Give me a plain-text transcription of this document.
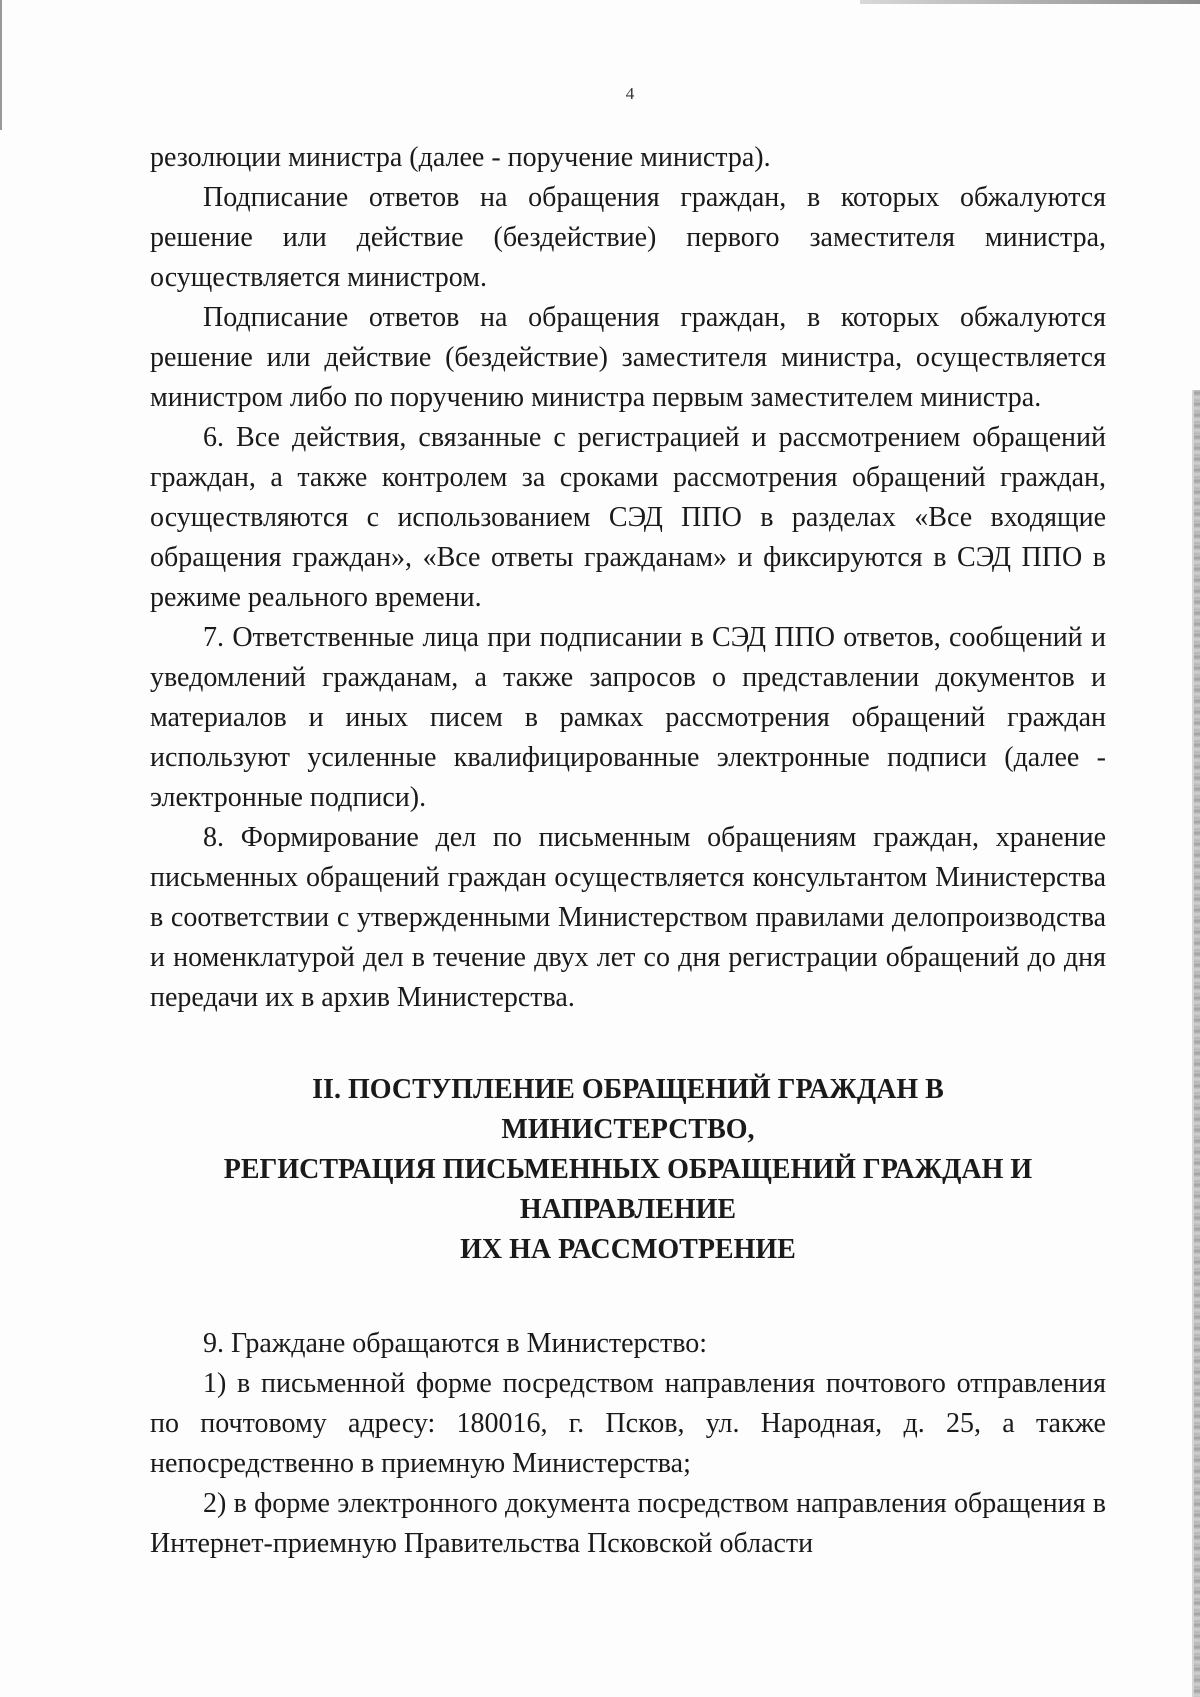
4

резолюции министра (далее - поручение министра).

Подписание ответов на обращения граждан, в которых обжалуются решение или действие (бездействие) первого заместителя министра, осуществляется министром.

Подписание ответов на обращения граждан, в которых обжалуются решение или действие (бездействие) заместителя министра, осуществляется министром либо по поручению министра первым заместителем министра.

6. Все действия, связанные с регистрацией и рассмотрением обращений граждан, а также контролем за сроками рассмотрения обращений граждан, осуществляются с использованием СЭД ППО в разделах «Все входящие обращения граждан», «Все ответы гражданам» и фиксируются в СЭД ППО в режиме реального времени.

7. Ответственные лица при подписании в СЭД ППО ответов, сообщений и уведомлений гражданам, а также запросов о представлении документов и материалов и иных писем в рамках рассмотрения обращений граждан используют усиленные квалифицированные электронные подписи (далее - электронные подписи).

8. Формирование дел по письменным обращениям граждан, хранение письменных обращений граждан осуществляется консультантом Министерства в соответствии с утвержденными Министерством правилами делопроизводства и номенклатурой дел в течение двух лет со дня регистрации обращений до дня передачи их в архив Министерства.

II. ПОСТУПЛЕНИЕ ОБРАЩЕНИЙ ГРАЖДАН В
МИНИСТЕРСТВО,
РЕГИСТРАЦИЯ ПИСЬМЕННЫХ ОБРАЩЕНИЙ ГРАЖДАН И
НАПРАВЛЕНИЕ
ИХ НА РАССМОТРЕНИЕ

9. Граждане обращаются в Министерство:

1) в письменной форме посредством направления почтового отправления по почтовому адресу: 180016, г. Псков, ул. Народная, д. 25, а также непосредственно в приемную Министерства;

2) в форме электронного документа посредством направления обращения в Интернет-приемную Правительства Псковской области
